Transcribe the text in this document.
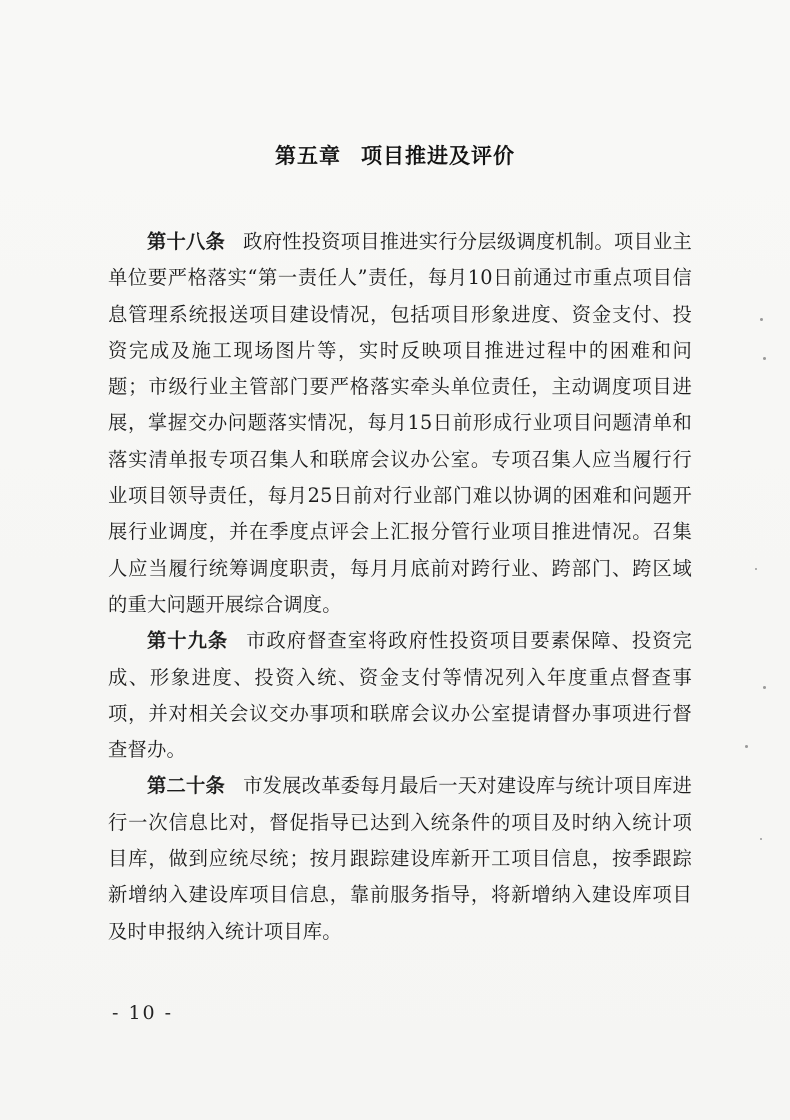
第五章 项目推进及评价

第十八条 政府性投资项目推进实行分层级调度机制。项目业主单位要严格落实“第一责任人”责任，每月10日前通过市重点项目信息管理系统报送项目建设情况，包括项目形象进度、资金支付、投资完成及施工现场图片等，实时反映项目推进过程中的困难和问题；市级行业主管部门要严格落实牵头单位责任，主动调度项目进展，掌握交办问题落实情况，每月15日前形成行业项目问题清单和落实清单报专项召集人和联席会议办公室。专项召集人应当履行行业项目领导责任，每月25日前对行业部门难以协调的困难和问题开展行业调度，并在季度点评会上汇报分管行业项目推进情况。召集人应当履行统筹调度职责，每月月底前对跨行业、跨部门、跨区域的重大问题开展综合调度。

第十九条 市政府督查室将政府性投资项目要素保障、投资完成、形象进度、投资入统、资金支付等情况列入年度重点督查事项，并对相关会议交办事项和联席会议办公室提请督办事项进行督查督办。

第二十条 市发展改革委每月最后一天对建设库与统计项目库进行一次信息比对，督促指导已达到入统条件的项目及时纳入统计项目库，做到应统尽统；按月跟踪建设库新开工项目信息，按季跟踪新增纳入建设库项目信息，靠前服务指导，将新增纳入建设库项目及时申报纳入统计项目库。

- 10 -
